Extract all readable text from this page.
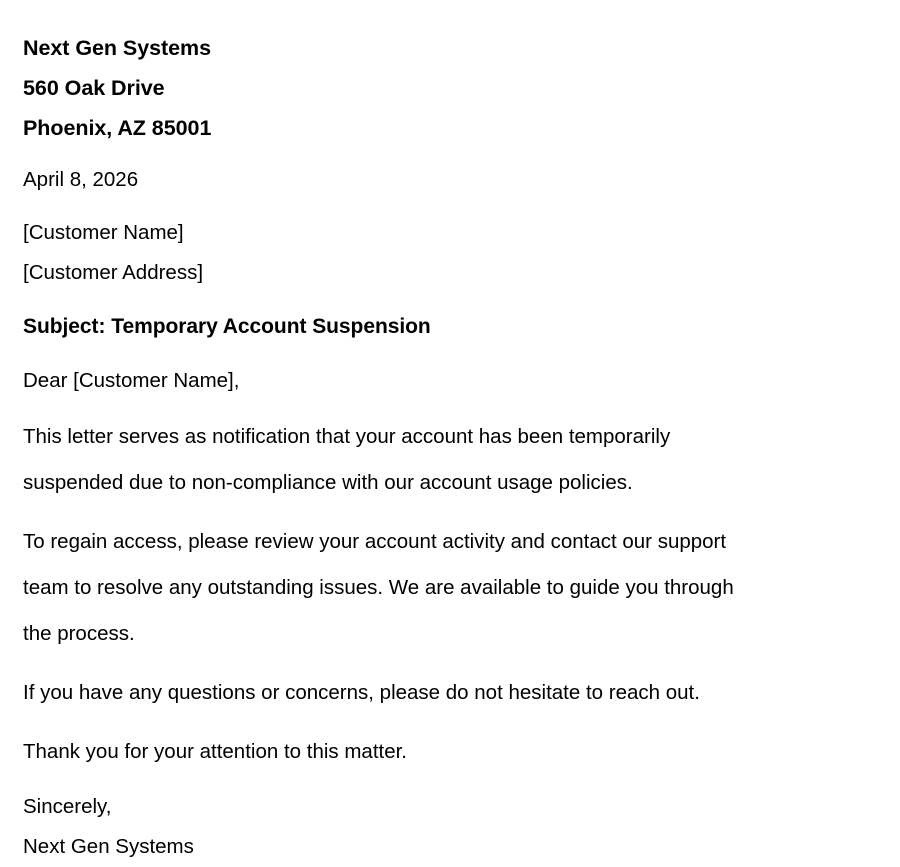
Next Gen Systems
560 Oak Drive
Phoenix, AZ 85001
April 8, 2026
[Customer Name]
[Customer Address]
Subject: Temporary Account Suspension
Dear [Customer Name],
This letter serves as notification that your account has been temporarily
suspended due to non-compliance with our account usage policies.
To regain access, please review your account activity and contact our support
team to resolve any outstanding issues. We are available to guide you through
the process.
If you have any questions or concerns, please do not hesitate to reach out.
Thank you for your attention to this matter.
Sincerely,
Next Gen Systems
